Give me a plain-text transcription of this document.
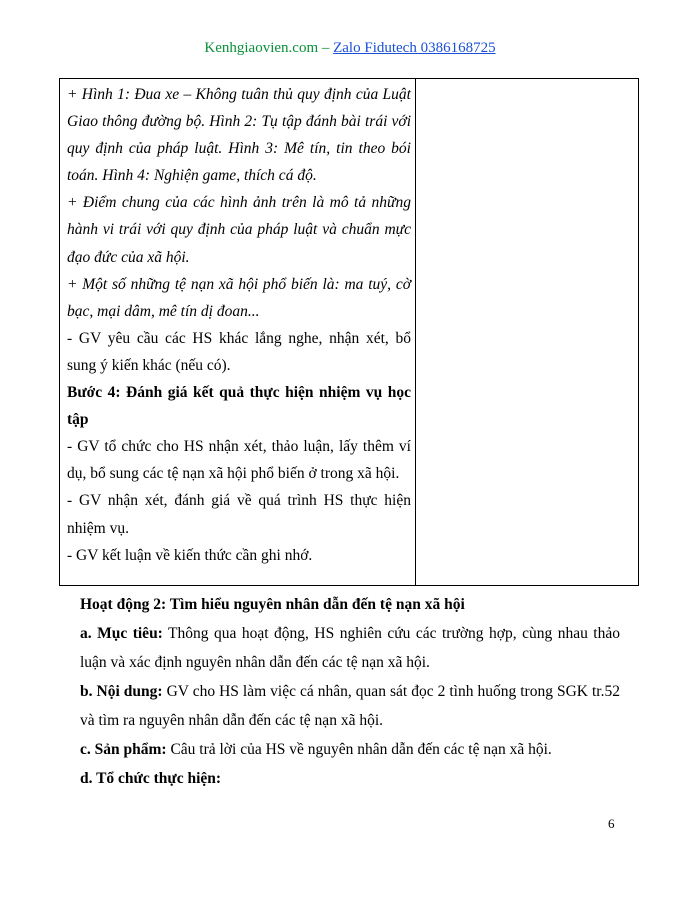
Kenhgiaovien.com – Zalo Fidutech 0386168725

+ Hình 1: Đua xe – Không tuân thủ quy định của Luật Giao thông đường bộ. Hình 2: Tụ tập đánh bài trái với quy định của pháp luật. Hình 3: Mê tín, tin theo bói toán. Hình 4: Nghiện game, thích cá độ.

+ Điểm chung của các hình ảnh trên là mô tả những hành vi trái với quy định của pháp luật và chuẩn mực đạo đức của xã hội.

+ Một số những tệ nạn xã hội phổ biến là: ma tuý, cờ bạc, mại dâm, mê tín dị đoan...

- GV yêu cầu các HS khác lắng nghe, nhận xét, bổ sung ý kiến khác (nếu có).

Bước 4: Đánh giá kết quả thực hiện nhiệm vụ học tập

- GV tổ chức cho HS nhận xét, thảo luận, lấy thêm ví dụ, bổ sung các tệ nạn xã hội phổ biến ở trong xã hội.

- GV nhận xét, đánh giá về quá trình HS thực hiện nhiệm vụ.

- GV kết luận về kiến thức cần ghi nhớ.

Hoạt động 2: Tìm hiểu nguyên nhân dẫn đến tệ nạn xã hội

a. Mục tiêu: Thông qua hoạt động, HS nghiên cứu các trường hợp, cùng nhau thảo luận và xác định nguyên nhân dẫn đến các tệ nạn xã hội.

b. Nội dung: GV cho HS làm việc cá nhân, quan sát đọc 2 tình huống trong SGK tr.52 và tìm ra nguyên nhân dẫn đến các tệ nạn xã hội.

c. Sản phẩm: Câu trả lời của HS về nguyên nhân dẫn đến các tệ nạn xã hội.

d. Tổ chức thực hiện:

6
